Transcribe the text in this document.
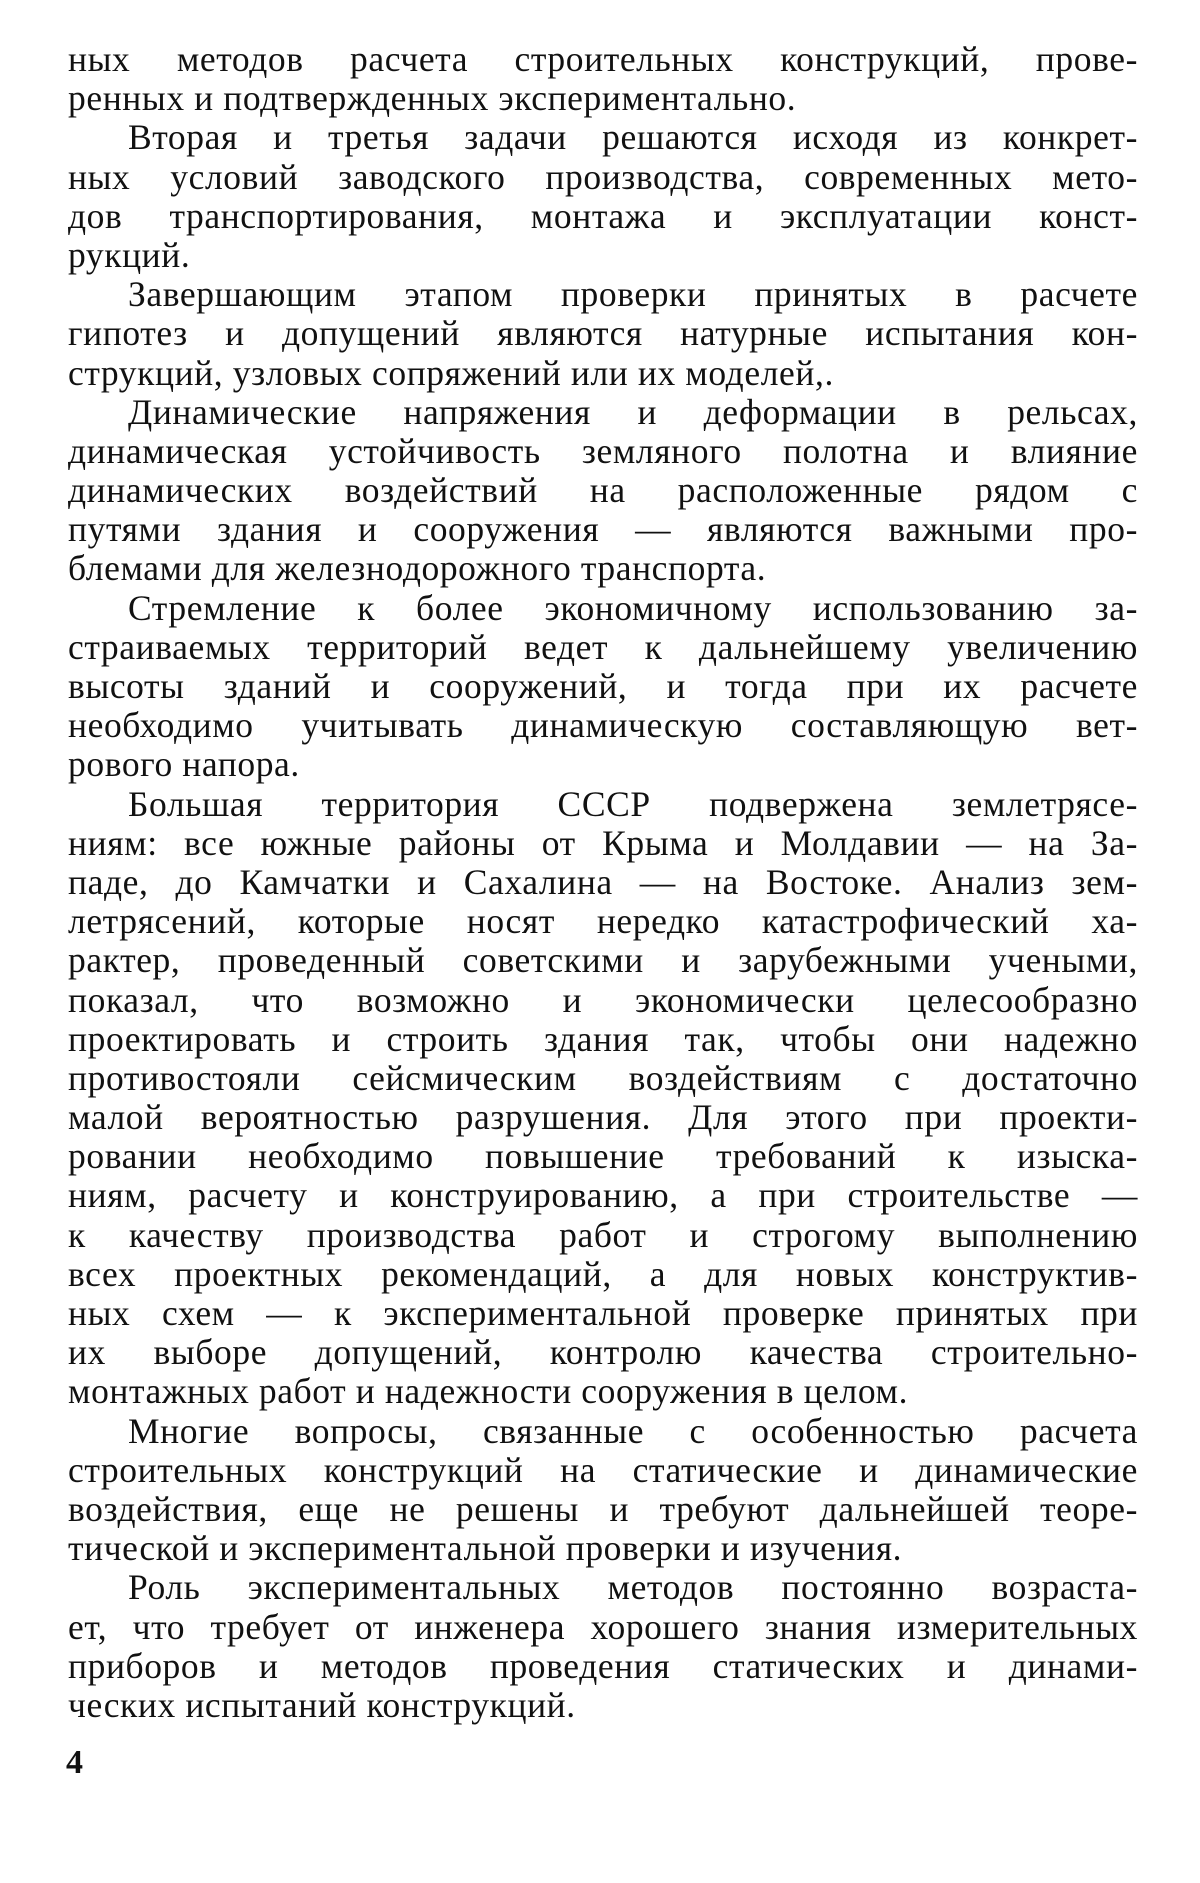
ных методов расчета строительных конструкций, прове-
ренных и подтвержденных экспериментально.
Вторая и третья задачи решаются исходя из конкрет-
ных условий заводского производства, современных мето-
дов транспортирования, монтажа и эксплуатации конст-
рукций.
Завершающим этапом проверки принятых в расчете
гипотез и допущений являются натурные испытания кон-
струкций, узловых сопряжений или их моделей,.
Динамические напряжения и деформации в рельсах,
динамическая устойчивость земляного полотна и влияние
динамических воздействий на расположенные рядом с
путями здания и сооружения — являются важными про-
блемами для железнодорожного транспорта.
Стремление к более экономичному использованию за-
страиваемых территорий ведет к дальнейшему увеличению
высоты зданий и сооружений, и тогда при их расчете
необходимо учитывать динамическую составляющую вет-
рового напора.
Большая территория СССР подвержена землетрясе-
ниям: все южные районы от Крыма и Молдавии — на За-
паде, до Камчатки и Сахалина — на Востоке. Анализ зем-
летрясений, которые носят нередко катастрофический ха-
рактер, проведенный советскими и зарубежными учеными,
показал, что возможно и экономически целесообразно
проектировать и строить здания так, чтобы они надежно
противостояли сейсмическим воздействиям с достаточно
малой вероятностью разрушения. Для этого при проекти-
ровании необходимо повышение требований к изыска-
ниям, расчету и конструированию, а при строительстве —
к качеству производства работ и строгому выполнению
всех проектных рекомендаций, а для новых конструктив-
ных схем — к экспериментальной проверке принятых при
их выборе допущений, контролю качества строительно-
монтажных работ и надежности сооружения в целом.
Многие вопросы, связанные с особенностью расчета
строительных конструкций на статические и динамические
воздействия, еще не решены и требуют дальнейшей теоре-
тической и экспериментальной проверки и изучения.
Роль экспериментальных методов постоянно возраста-
ет, что требует от инженера хорошего знания измерительных
приборов и методов проведения статических и динами-
ческих испытаний конструкций.
4
